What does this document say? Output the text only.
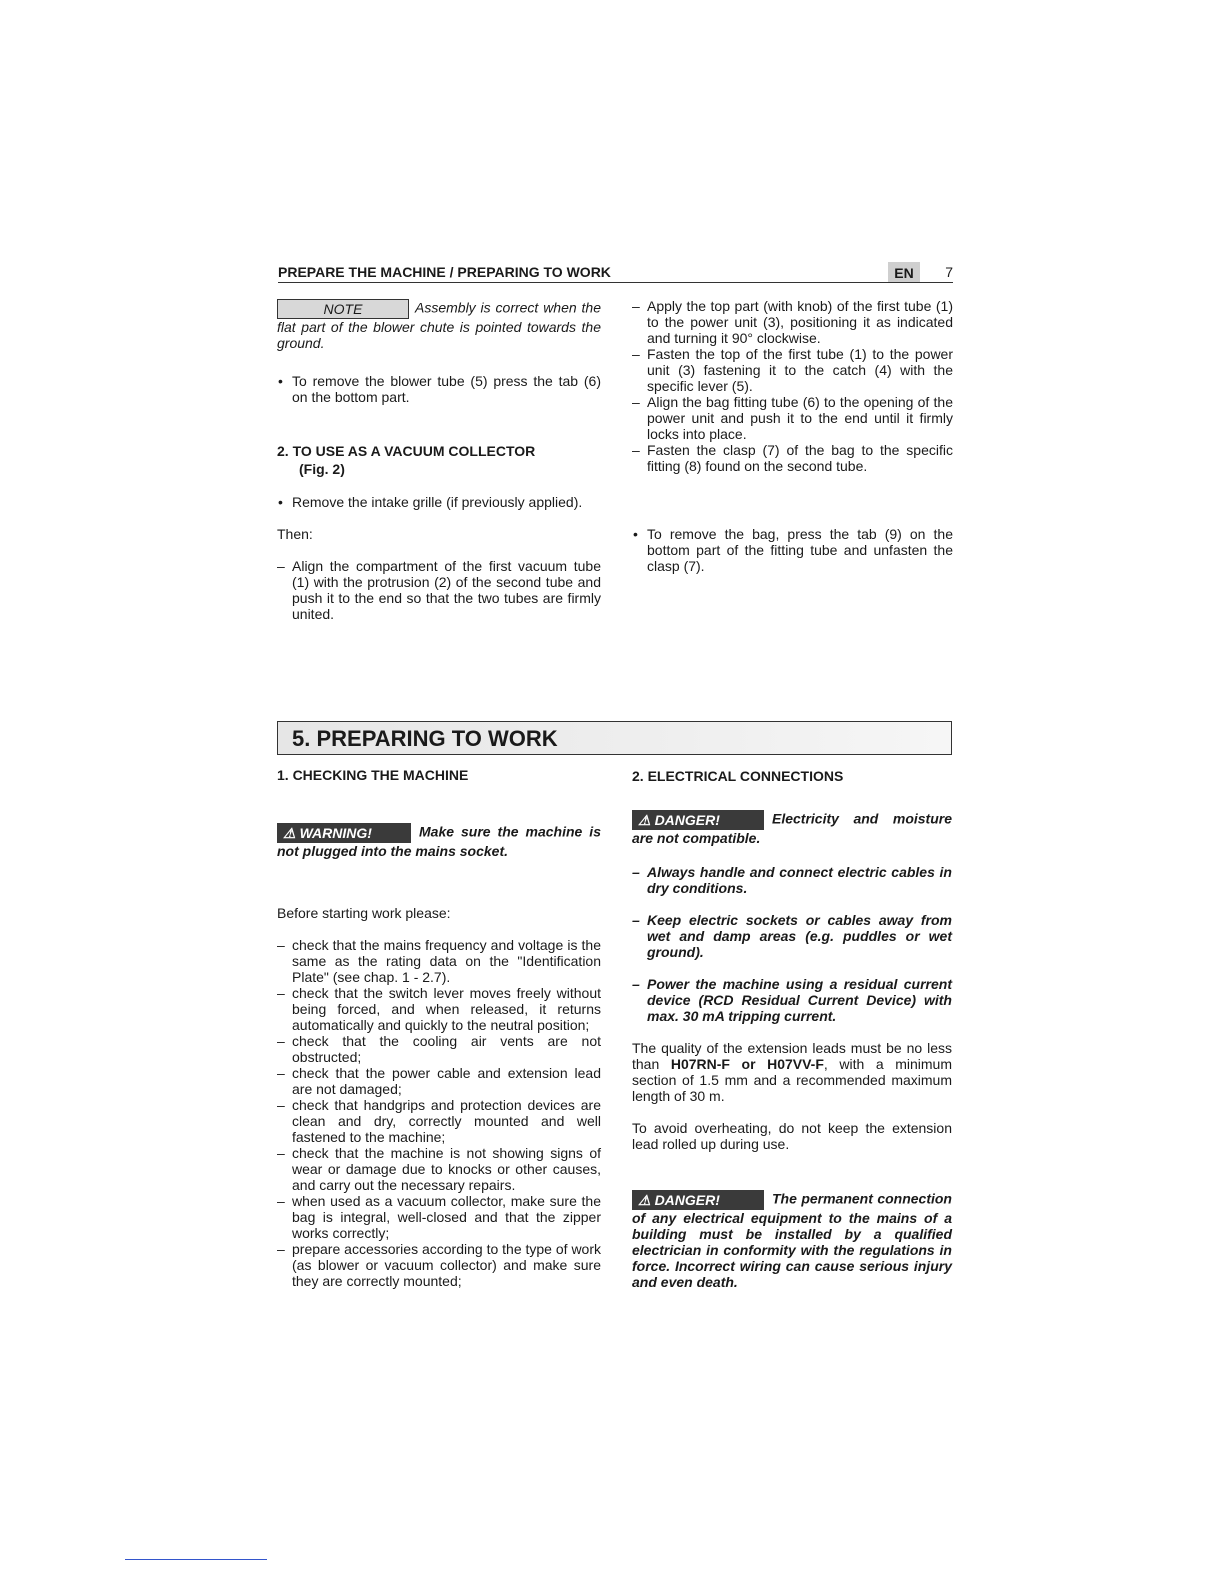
PREPARE THE MACHINE / PREPARING TO WORK	EN	7

NOTE	Assembly is correct when the flat part of the blower chute is pointed towards the ground.

• To remove the blower tube (5) press the tab (6) on the bottom part.
2. TO USE AS A VACUUM COLLECTOR
(Fig. 2)
• Remove the intake grille (if previously applied).

Then:

– Align the compartment of the first vacuum tube (1) with the protrusion (2) of the second tube and push it to the end so that the two tubes are firmly united.
– Apply the top part (with knob) of the first tube (1) to the power unit (3), positioning it as indicated and turning it 90° clockwise.
– Fasten the top of the first tube (1) to the power unit (3) fastening it to the catch (4) with the specific lever (5).
– Align the bag fitting tube (6) to the opening of the power unit and push it to the end until it firmly locks into place.
– Fasten the clasp (7) of the bag to the specific fitting (8) found on the second tube.
• To remove the bag, press the tab (9) on the bottom part of the fitting tube and unfasten the clasp (7).
5. PREPARING TO WORK
1. CHECKING THE MACHINE

⚠ WARNING!	Make sure the machine is not plugged into the mains socket.

Before starting work please:

– check that the mains frequency and voltage is the same as the rating data on the "Identification Plate" (see chap. 1 - 2.7).
– check that the switch lever moves freely without being forced, and when released, it returns automatically and quickly to the neutral position;
– check that the cooling air vents are not obstructed;
– check that the power cable and extension lead are not damaged;
– check that handgrips and protection devices are clean and dry, correctly mounted and well fastened to the machine;
– check that the machine is not showing signs of wear or damage due to knocks or other causes, and carry out the necessary repairs.
– when used as a vacuum collector, make sure the bag is integral, well-closed and that the zipper works correctly;
– prepare accessories according to the type of work (as blower or vacuum collector) and make sure they are correctly mounted;
2. ELECTRICAL CONNECTIONS

⚠ DANGER!	Electricity and moisture are not compatible.

– Always handle and connect electric cables in dry conditions.
– Keep electric sockets or cables away from wet and damp areas (e.g. puddles or wet ground).
– Power the machine using a residual current device (RCD Residual Current Device) with max. 30 mA tripping current.

The quality of the extension leads must be no less than H07RN-F or H07VV-F, with a minimum section of 1.5 mm and a recommended maximum length of 30 m.

To avoid overheating, do not keep the extension lead rolled up during use.

⚠ DANGER!	The permanent connection of any electrical equipment to the mains of a building must be installed by a qualified electrician in conformity with the regulations in force. Incorrect wiring can cause serious injury and even death.
